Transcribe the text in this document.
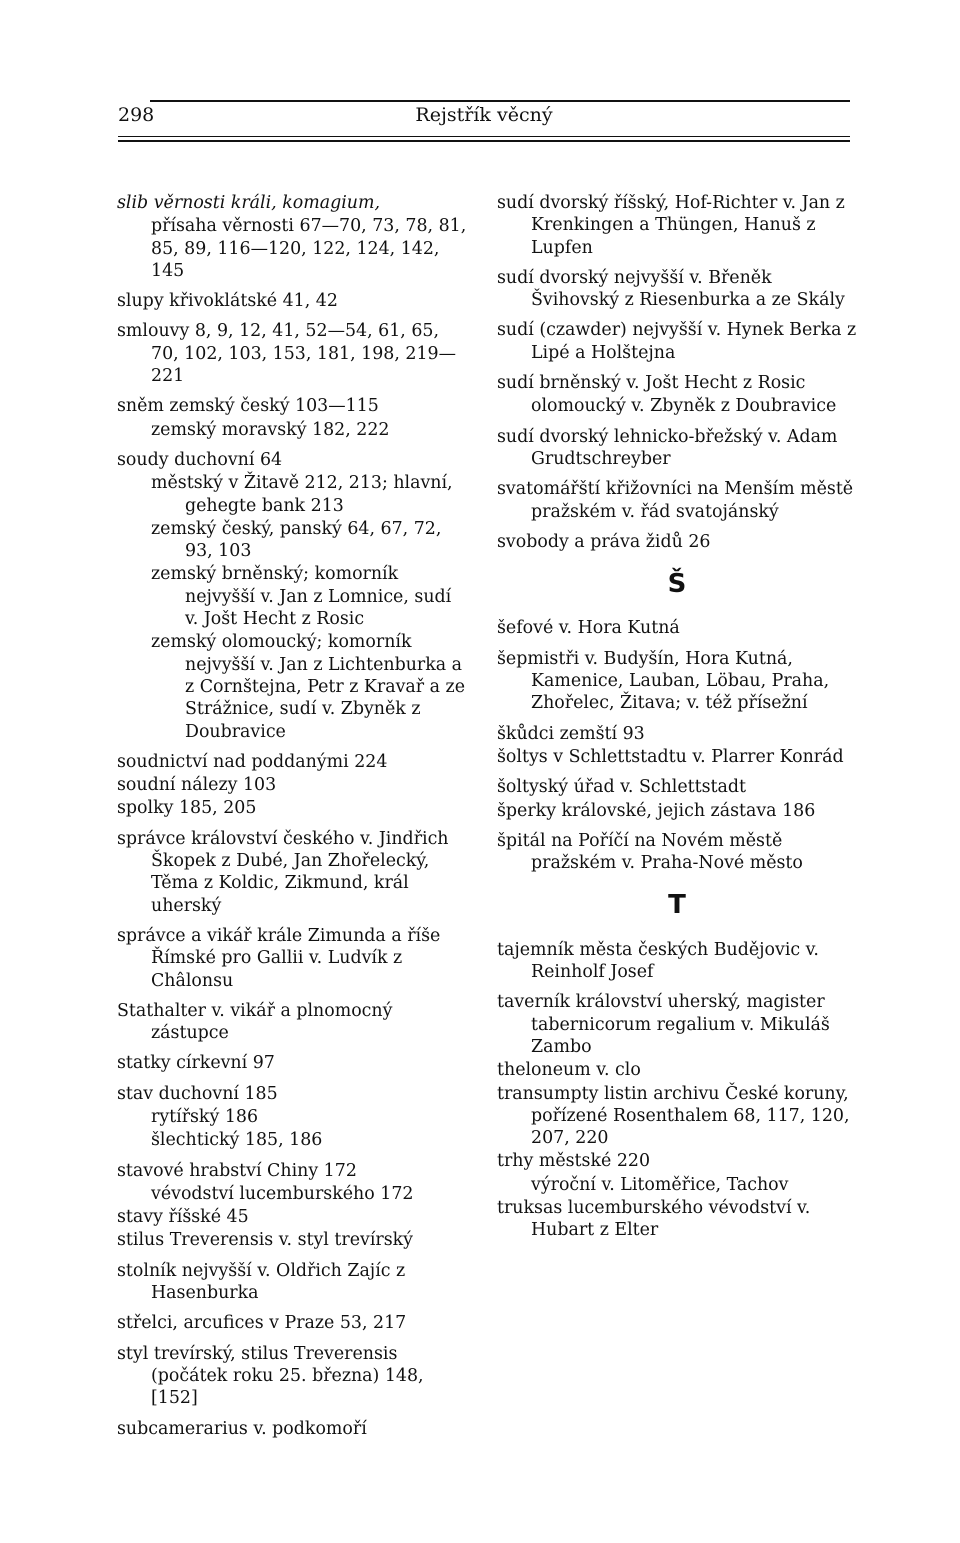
298	Rejstřík věcný
slib věrnosti králi, komagium,
přísaha věrnosti 67—70, 73, 78, 81, 85, 89, 116—120, 122, 124, 142, 145
slupy křivoklátské 41, 42
smlouvy 8, 9, 12, 41, 52—54, 61, 65, 70, 102, 103, 153, 181, 198, 219—221
sněm zemský český 103—115
zemský moravský 182, 222
soudy duchovní 64
městský v Žitavě 212, 213; hlavní, gehegte bank 213
zemský český, panský 64, 67, 72, 93, 103
zemský brněnský; komorník nejvyšší v. Jan z Lomnice, sudí v. Jošt Hecht z Rosic
zemský olomoucký; komorník nejvyšší v. Jan z Lichtenburka a z Cornštejna, Petr z Kravař a ze Strážnice, sudí v. Zbyněk z Doubravice
soudnictví nad poddanými 224
soudní nálezy 103
spolky 185, 205
správce království českého v. Jindřich Škopek z Dubé, Jan Zhořelecký, Těma z Koldic, Zikmund, král uherský
správce a vikář krále Zimunda a říše Římské pro Gallii v. Ludvík z Châlonsu
Stathalter v. vikář a plnomocný zástupce
statky církevní 97
stav duchovní 185
rytířský 186
šlechtický 185, 186
stavové hrabství Chiny 172
vévodství lucemburského 172
stavy říšské 45
stilus Treverensis v. styl trevírský
stolník nejvyšší v. Oldřich Zajíc z Hasenburka
střelci, arcufices v Praze 53, 217
styl trevírský, stilus Treverensis (počátek roku 25. března) 148, [152]
subcamerarius v. podkomoří
sudí dvorský říšský, Hof-Richter v. Jan z Krenkingen a Thüngen, Hanuš z Lupfen
sudí dvorský nejvyšší v. Břeněk Švihovský z Riesenburka a ze Skály
sudí (czawder) nejvyšší v. Hynek Berka z Lipé a Holštejna
sudí brněnský v. Jošt Hecht z Rosic
olomoucký v. Zbyněk z Doubravice
sudí dvorský lehnicko-břežský v. Adam Grudtschreyber
svatomářští křižovníci na Menším městě pražském v. řád svatojánský
svobody a práva židů 26
Š
šefové v. Hora Kutná
šepmistři v. Budyšín, Hora Kutná, Kamenice, Lauban, Löbau, Praha, Zhořelec, Žitava; v. též přísežní
škůdci zemští 93
šoltys v Schlettstadtu v. Plarrer Konrád
šoltyský úřad v. Schlettstadt
šperky královské, jejich zástava 186
špitál na Poříčí na Novém městě pražském v. Praha-Nové město
T
tajemník města českých Budějovic v. Reinholf Josef
taverník království uherský, magister tabernicorum regalium v. Mikuláš Zambo
theloneum v. clo
transumpty listin archivu České koruny, pořízené Rosenthalem 68, 117, 120, 207, 220
trhy městské 220
výroční v. Litoměřice, Tachov
truksas lucemburského vévodství v. Hubart z Elter
